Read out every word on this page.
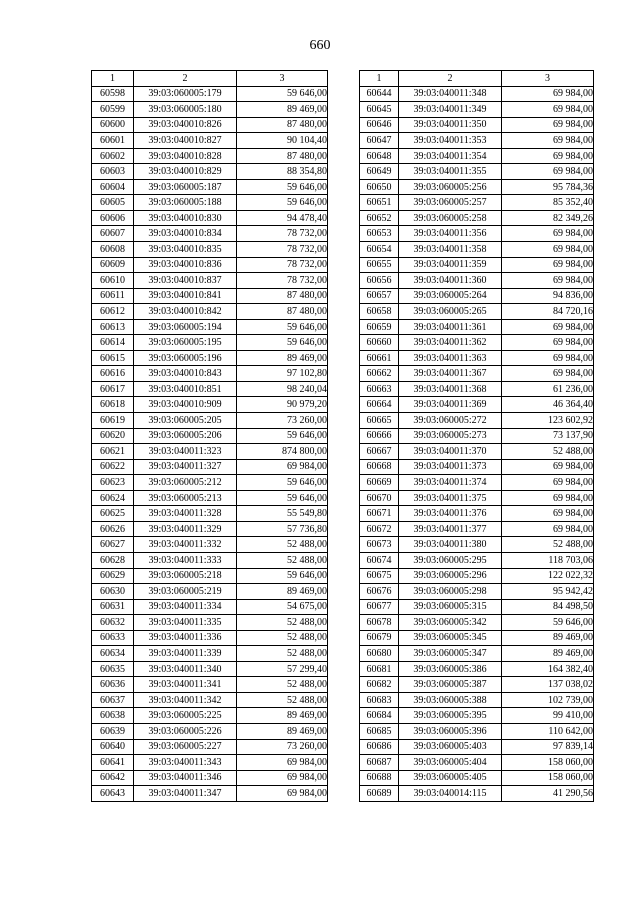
660
1	2	3
60598	39:03:060005:179	59 646,00
60599	39:03:060005:180	89 469,00
60600	39:03:040010:826	87 480,00
60601	39:03:040010:827	90 104,40
60602	39:03:040010:828	87 480,00
60603	39:03:040010:829	88 354,80
60604	39:03:060005:187	59 646,00
60605	39:03:060005:188	59 646,00
60606	39:03:040010:830	94 478,40
60607	39:03:040010:834	78 732,00
60608	39:03:040010:835	78 732,00
60609	39:03:040010:836	78 732,00
60610	39:03:040010:837	78 732,00
60611	39:03:040010:841	87 480,00
60612	39:03:040010:842	87 480,00
60613	39:03:060005:194	59 646,00
60614	39:03:060005:195	59 646,00
60615	39:03:060005:196	89 469,00
60616	39:03:040010:843	97 102,80
60617	39:03:040010:851	98 240,04
60618	39:03:040010:909	90 979,20
60619	39:03:060005:205	73 260,00
60620	39:03:060005:206	59 646,00
60621	39:03:040011:323	874 800,00
60622	39:03:040011:327	69 984,00
60623	39:03:060005:212	59 646,00
60624	39:03:060005:213	59 646,00
60625	39:03:040011:328	55 549,80
60626	39:03:040011:329	57 736,80
60627	39:03:040011:332	52 488,00
60628	39:03:040011:333	52 488,00
60629	39:03:060005:218	59 646,00
60630	39:03:060005:219	89 469,00
60631	39:03:040011:334	54 675,00
60632	39:03:040011:335	52 488,00
60633	39:03:040011:336	52 488,00
60634	39:03:040011:339	52 488,00
60635	39:03:040011:340	57 299,40
60636	39:03:040011:341	52 488,00
60637	39:03:040011:342	52 488,00
60638	39:03:060005:225	89 469,00
60639	39:03:060005:226	89 469,00
60640	39:03:060005:227	73 260,00
60641	39:03:040011:343	69 984,00
60642	39:03:040011:346	69 984,00
60643	39:03:040011:347	69 984,00
1	2	3
60644	39:03:040011:348	69 984,00
60645	39:03:040011:349	69 984,00
60646	39:03:040011:350	69 984,00
60647	39:03:040011:353	69 984,00
60648	39:03:040011:354	69 984,00
60649	39:03:040011:355	69 984,00
60650	39:03:060005:256	95 784,36
60651	39:03:060005:257	85 352,40
60652	39:03:060005:258	82 349,26
60653	39:03:040011:356	69 984,00
60654	39:03:040011:358	69 984,00
60655	39:03:040011:359	69 984,00
60656	39:03:040011:360	69 984,00
60657	39:03:060005:264	94 836,00
60658	39:03:060005:265	84 720,16
60659	39:03:040011:361	69 984,00
60660	39:03:040011:362	69 984,00
60661	39:03:040011:363	69 984,00
60662	39:03:040011:367	69 984,00
60663	39:03:040011:368	61 236,00
60664	39:03:040011:369	46 364,40
60665	39:03:060005:272	123 602,92
60666	39:03:060005:273	73 137,90
60667	39:03:040011:370	52 488,00
60668	39:03:040011:373	69 984,00
60669	39:03:040011:374	69 984,00
60670	39:03:040011:375	69 984,00
60671	39:03:040011:376	69 984,00
60672	39:03:040011:377	69 984,00
60673	39:03:040011:380	52 488,00
60674	39:03:060005:295	118 703,06
60675	39:03:060005:296	122 022,32
60676	39:03:060005:298	95 942,42
60677	39:03:060005:315	84 498,50
60678	39:03:060005:342	59 646,00
60679	39:03:060005:345	89 469,00
60680	39:03:060005:347	89 469,00
60681	39:03:060005:386	164 382,40
60682	39:03:060005:387	137 038,02
60683	39:03:060005:388	102 739,00
60684	39:03:060005:395	99 410,00
60685	39:03:060005:396	110 642,00
60686	39:03:060005:403	97 839,14
60687	39:03:060005:404	158 060,00
60688	39:03:060005:405	158 060,00
60689	39:03:040014:115	41 290,56
